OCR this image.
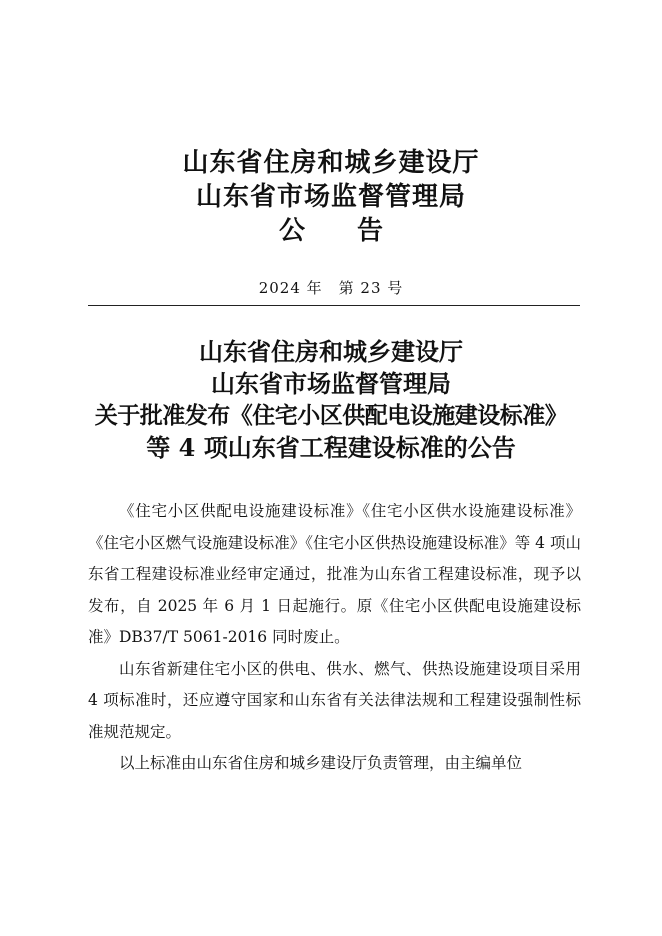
山东省住房和城乡建设厅
山东省市场监督管理局
公　　告
2024 年　第 23 号
山东省住房和城乡建设厅
山东省市场监督管理局
关于批准发布《住宅小区供配电设施建设标准》
等 4 项山东省工程建设标准的公告

《住宅小区供配电设施建设标准》《住宅小区供水设施建设标准》《住宅小区燃气设施建设标准》《住宅小区供热设施建设标准》等 4 项山东省工程建设标准业经审定通过，批准为山东省工程建设标准，现予以发布，自 2025 年 6 月 1 日起施行。原《住宅小区供配电设施建设标准》DB37/T 5061-2016 同时废止。

山东省新建住宅小区的供电、供水、燃气、供热设施建设项目采用 4 项标准时，还应遵守国家和山东省有关法律法规和工程建设强制性标准规范规定。

以上标准由山东省住房和城乡建设厅负责管理，由主编单位
